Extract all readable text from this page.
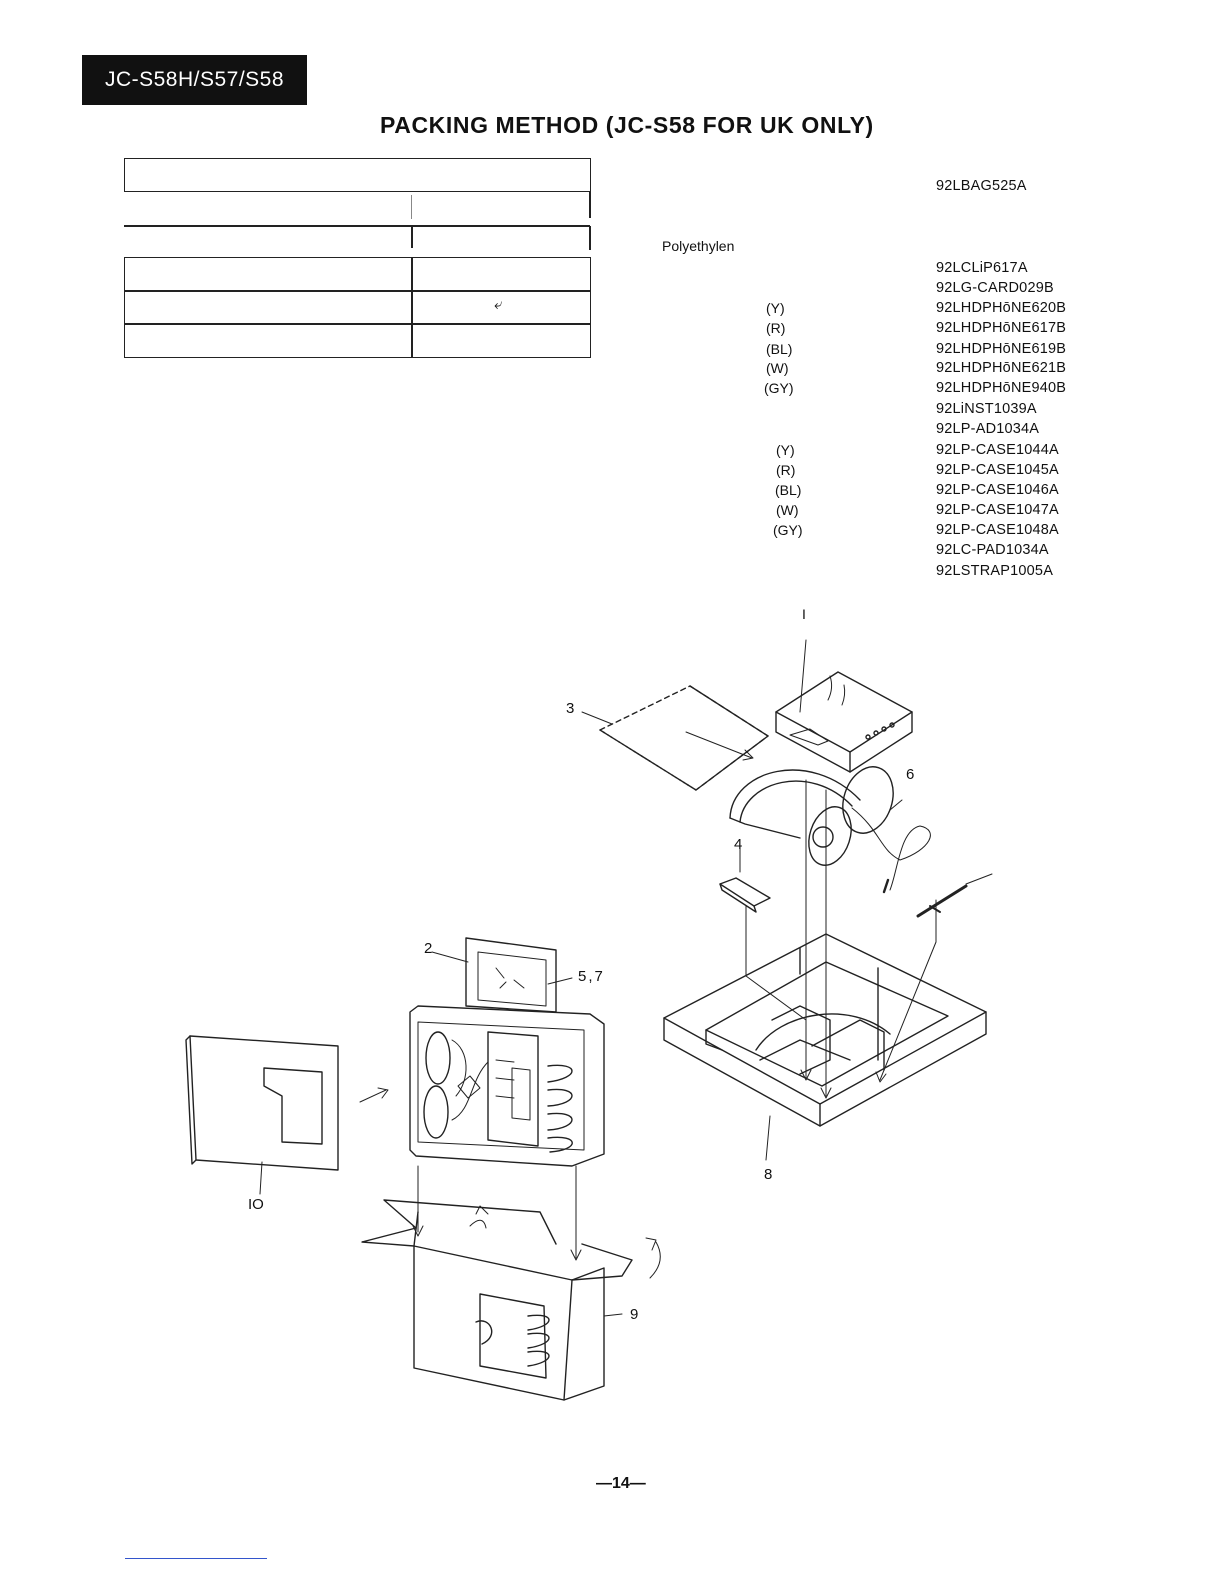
JC-S58H/S57/S58
PACKING METHOD (JC-S58 FOR UK ONLY)
⤶
92LBAG525A
Polyethylen
92LCLiP617A
92LG-CARD029B
(Y)	92LHDPHōNE620B
(R)	92LHDPHōNE617B
(BL)	92LHDPHōNE619B
(W)	92LHDPHōNE621B
(GY)	92LHDPHōNE940B
92LiNST1039A
92LP-AD1034A
(Y)	92LP-CASE1044A
(R)	92LP-CASE1045A
(BL)	92LP-CASE1046A
(W)	92LP-CASE1047A
(GY)	92LP-CASE1048A
92LC-PAD1034A
92LSTRAP1005A
I
3
6
4
2
5,7
8
IO
9
—14—
